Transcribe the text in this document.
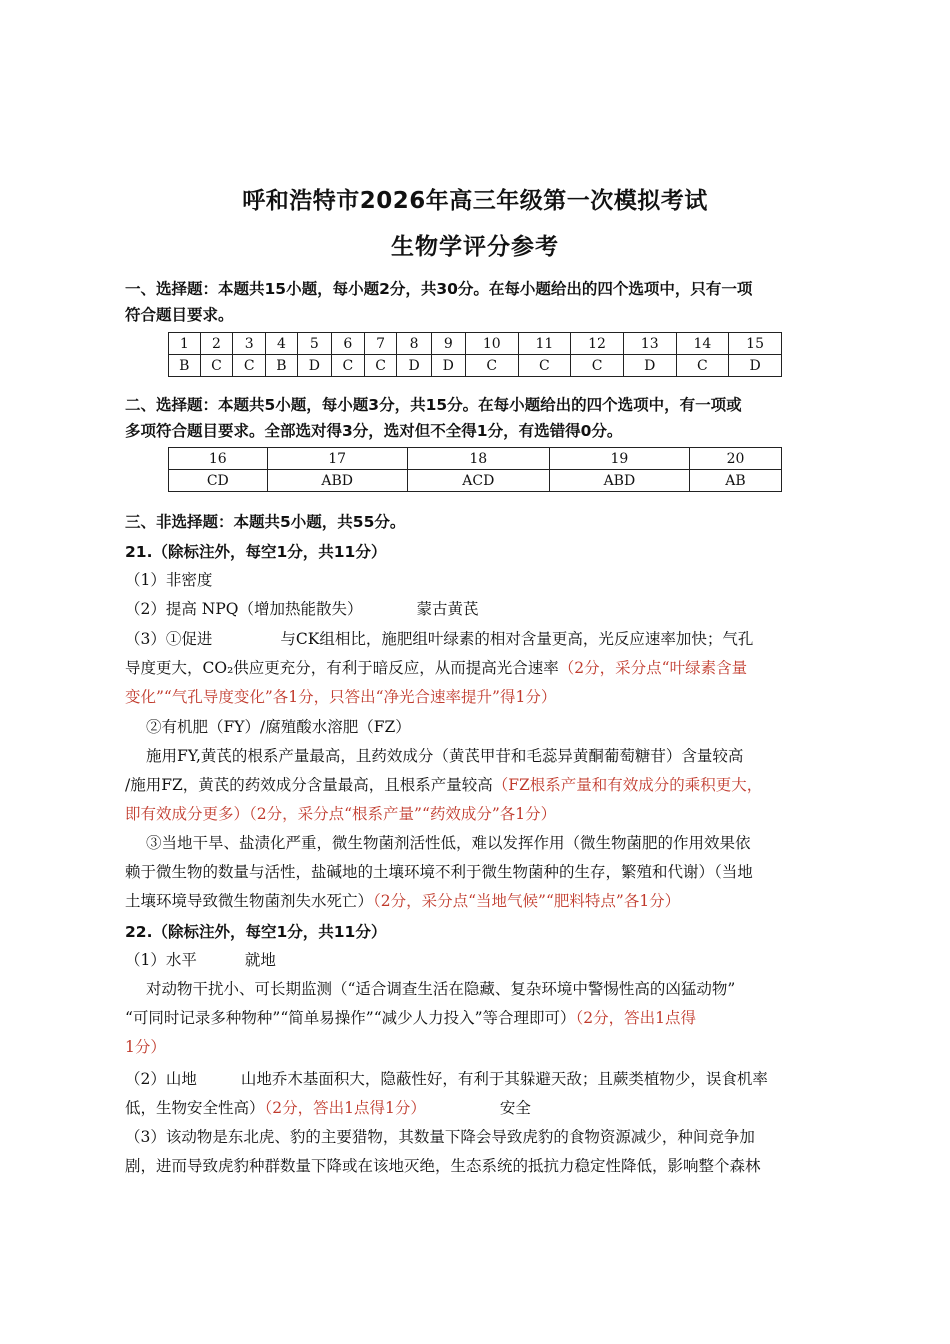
呼和浩特市2026年高三年级第一次模拟考试
生物学评分参考
一、选择题：本题共15小题，每小题2分，共30分。在每小题给出的四个选项中，只有一项
符合题目要求。
1	2	3	4	5	6	7	8	9	10	11	12	13	14	15
B	C	C	B	D	C	C	D	D	C	C	C	D	C	D
二、选择题：本题共5小题，每小题3分，共15分。在每小题给出的四个选项中，有一项或
多项符合题目要求。全部选对得3分，选对但不全得1分，有选错得0分。
16	17	18	19	20
CD	ABD	ACD	ABD	AB
三、非选择题：本题共5小题，共55分。
21.（除标注外，每空1分，共11分）
（1）非密度
（2）提高 NPQ（增加热能散失）	蒙古黄芪
（3）①促进	与CK组相比，施肥组叶绿素的相对含量更高，光反应速率加快；气孔
导度更大，CO₂供应更充分，有利于暗反应，从而提高光合速率（2分，采分点“叶绿素含量
变化”“气孔导度变化”各1分，只答出“净光合速率提升”得1分）
②有机肥（FY）/腐殖酸水溶肥（FZ）
施用FY,黄芪的根系产量最高，且药效成分（黄芪甲苷和毛蕊异黄酮葡萄糖苷）含量较高
/施用FZ，黄芪的药效成分含量最高，且根系产量较高（FZ根系产量和有效成分的乘积更大，
即有效成分更多）（2分，采分点“根系产量”“药效成分”各1分）
③当地干旱、盐渍化严重，微生物菌剂活性低，难以发挥作用（微生物菌肥的作用效果依
赖于微生物的数量与活性，盐碱地的土壤环境不利于微生物菌种的生存，繁殖和代谢）（当地
土壤环境导致微生物菌剂失水死亡）（2分，采分点“当地气候”“肥料特点”各1分）
22.（除标注外，每空1分，共11分）
（1）水平	就地
对动物干扰小、可长期监测（“适合调查生活在隐藏、复杂环境中警惕性高的凶猛动物”
“可同时记录多种物种”“简单易操作”“减少人力投入”等合理即可）（2分，答出1点得
1分）
（2）山地	山地乔木基面积大，隐蔽性好，有利于其躲避天敌；且蕨类植物少，误食机率
低，生物安全性高）（2分，答出1点得1分）	安全
（3）该动物是东北虎、豹的主要猎物，其数量下降会导致虎豹的食物资源减少，种间竞争加
剧，进而导致虎豹种群数量下降或在该地灭绝，生态系统的抵抗力稳定性降低，影响整个森林
